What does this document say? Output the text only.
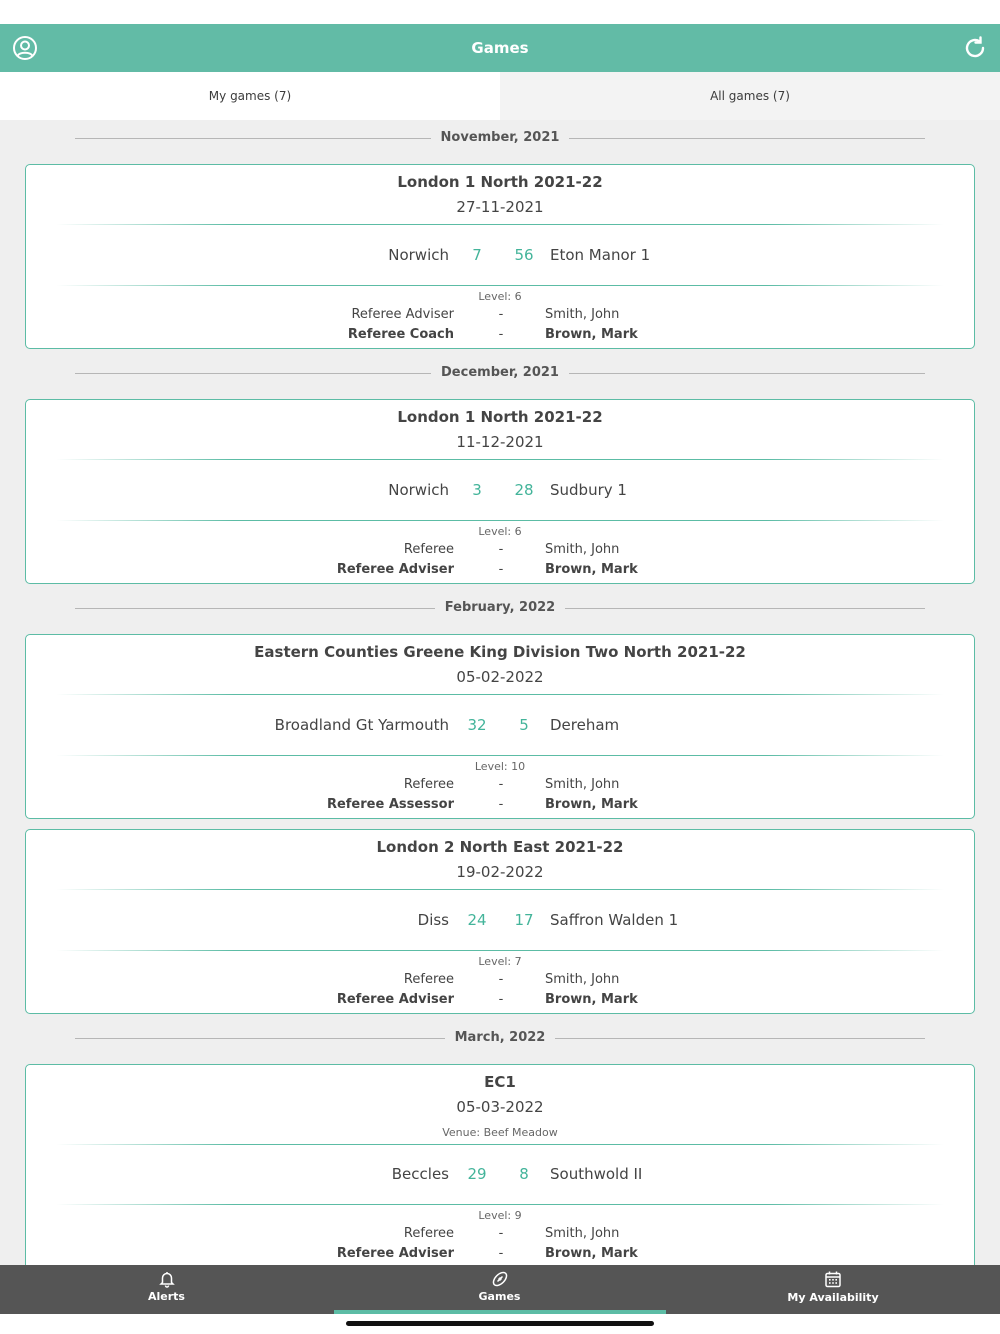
Games
My games (7)	All games (7)
November, 2021
London 1 North 2021-22
27-11-2021
Norwich	7	56	Eton Manor 1
Level: 6
Referee Adviser	-	Smith, John
Referee Coach	-	Brown, Mark
December, 2021
London 1 North 2021-22
11-12-2021
Norwich	3	28	Sudbury 1
Level: 6
Referee	-	Smith, John
Referee Adviser	-	Brown, Mark
February, 2022
Eastern Counties Greene King Division Two North 2021-22
05-02-2022
Broadland Gt Yarmouth	32	5	Dereham
Level: 10
Referee	-	Smith, John
Referee Assessor	-	Brown, Mark
London 2 North East 2021-22
19-02-2022
Diss	24	17	Saffron Walden 1
Level: 7
Referee	-	Smith, John
Referee Adviser	-	Brown, Mark
March, 2022
EC1
05-03-2022
Venue: Beef Meadow
Beccles	29	8	Southwold II
Level: 9
Referee	-	Smith, John
Referee Adviser	-	Brown, Mark
Alerts	Games	My Availability
